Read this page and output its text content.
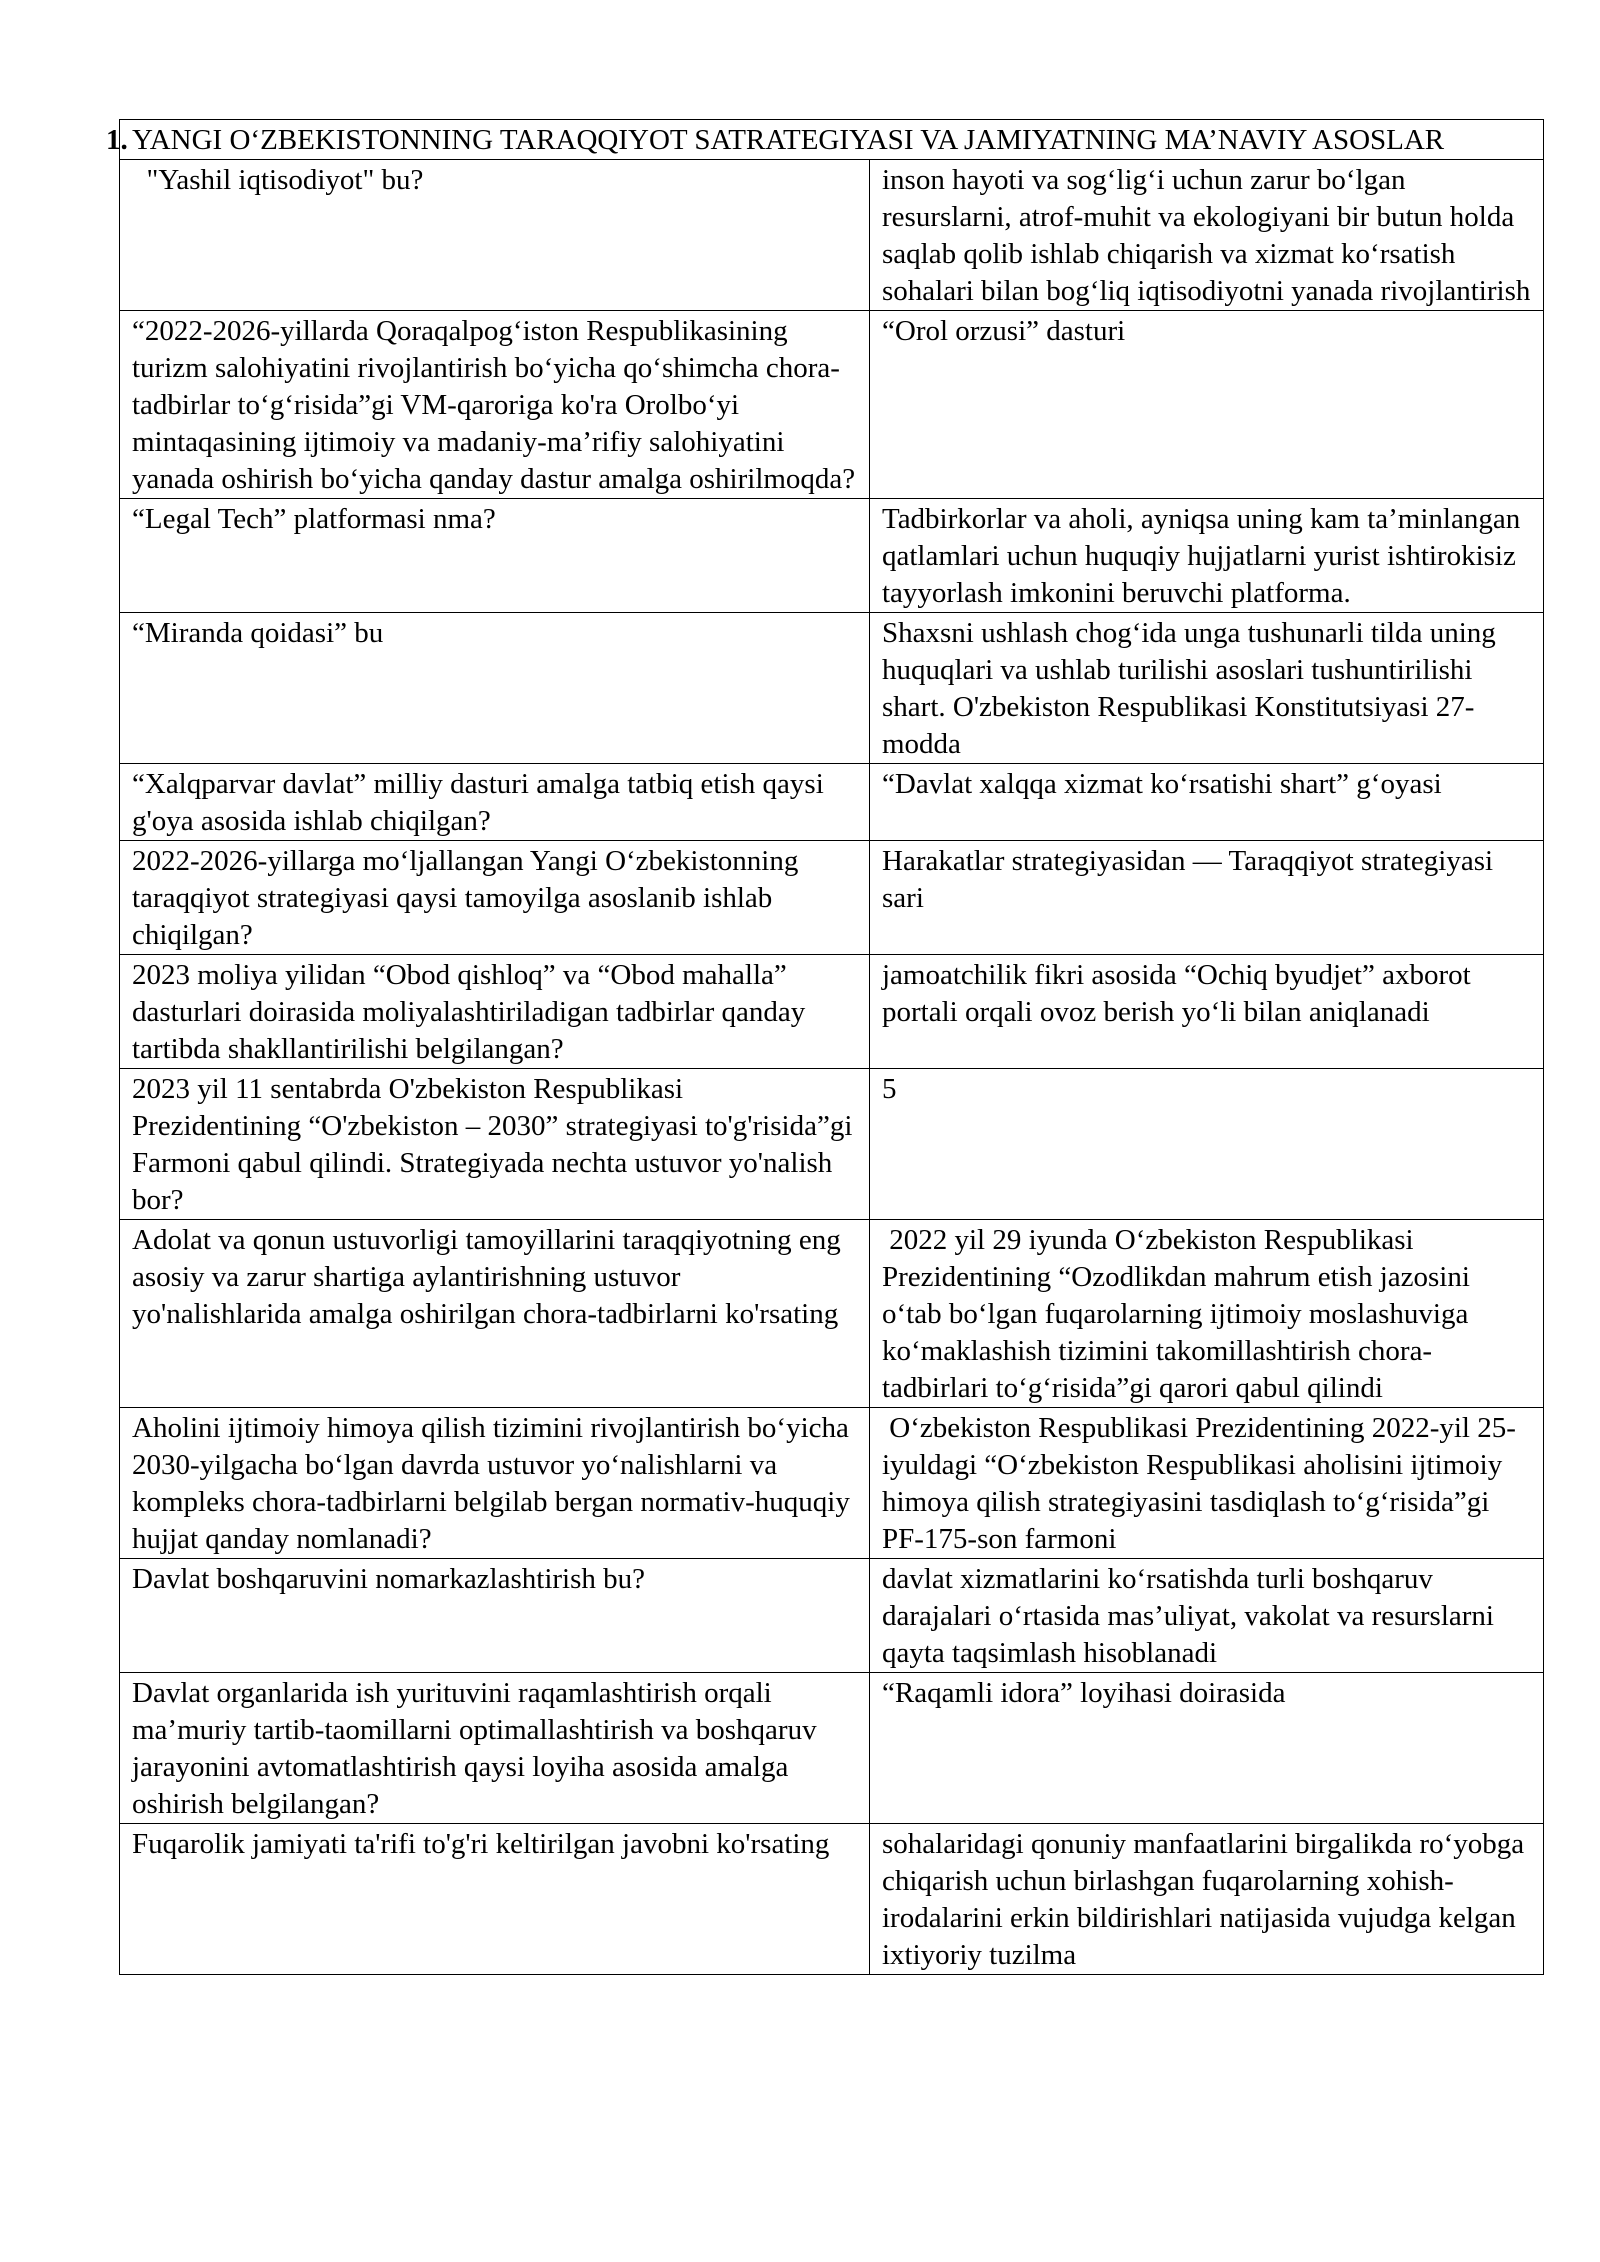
1. YANGI O‘ZBEKISTONNING TARAQQIYOT SATRATEGIYASI VA JAMIYATNING MA’NAVIY ASOSLAR	

"Yashil iqtisodiyot" bu?	inson hayoti va sog‘lig‘i uchun zarur bo‘lgan resurslarni, atrof-muhit va ekologiyani bir butun holda saqlab qolib ishlab chiqarish va xizmat ko‘rsatish sohalari bilan bog‘liq iqtisodiyotni yanada rivojlantirish

“2022-2026-yillarda Qoraqalpog‘iston Respublikasining turizm salohiyatini rivojlantirish bo‘yicha qo‘shimcha chora-tadbirlar to‘g‘risida”gi VM-qaroriga ko'ra Orolbo‘yi mintaqasining ijtimoiy va madaniy-ma’rifiy salohiyatini yanada oshirish bo‘yicha qanday dastur amalga oshirilmoqda?	“Orol orzusi” dasturi

“Legal Tech” platformasi nma?	Tadbirkorlar va aholi, ayniqsa uning kam ta’minlangan qatlamlari uchun huquqiy hujjatlarni yurist ishtirokisiz tayyorlash imkonini beruvchi platforma.

“Miranda qoidasi” bu	Shaxsni ushlash chog‘ida unga tushunarli tilda uning huquqlari va ushlab turilishi asoslari tushuntirilishi shart. O'zbekiston Respublikasi Konstitutsiyasi 27-modda

“Xalqparvar davlat” milliy dasturi amalga tatbiq etish qaysi g'oya asosida ishlab chiqilgan?	“Davlat xalqqa xizmat ko‘rsatishi shart” g‘oyasi

2022-2026-yillarga mo‘ljallangan Yangi O‘zbekistonning taraqqiyot strategiyasi qaysi tamoyilga asoslanib ishlab chiqilgan?	Harakatlar strategiyasidan — Taraqqiyot strategiyasi sari

2023 moliya yilidan “Obod qishloq” va “Obod mahalla” dasturlari doirasida moliyalashtiriladigan tadbirlar qanday tartibda shakllantirilishi belgilangan?	jamoatchilik fikri asosida “Ochiq byudjet” axborot portali orqali ovoz berish yo‘li bilan aniqlanadi

2023 yil 11 sentabrda O'zbekiston Respublikasi Prezidentining “O'zbekiston – 2030” strategiyasi to'g'risida”gi Farmoni qabul qilindi. Strategiyada nechta ustuvor yo'nalish bor?	5

Adolat va qonun ustuvorligi tamoyillarini taraqqiyotning eng asosiy va zarur shartiga aylantirishning ustuvor yo'nalishlarida amalga oshirilgan chora-tadbirlarni ko'rsating	2022 yil 29 iyunda O‘zbekiston Respublikasi Prezidentining “Ozodlikdan mahrum etish jazosini o‘tab bo‘lgan fuqarolarning ijtimoiy moslashuviga ko‘maklashish tizimini takomillashtirish chora-tadbirlari to‘g‘risida”gi qarori qabul qilindi

Aholini ijtimoiy himoya qilish tizimini rivojlantirish bo‘yicha 2030-yilgacha bo‘lgan davrda ustuvor yo‘nalishlarni va kompleks chora-tadbirlarni belgilab bergan normativ-huquqiy hujjat qanday nomlanadi?	O‘zbekiston Respublikasi Prezidentining 2022-yil 25-iyuldagi “O‘zbekiston Respublikasi aholisini ijtimoiy himoya qilish strategiyasini tasdiqlash to‘g‘risida”gi PF-175-son farmoni

Davlat boshqaruvini nomarkazlashtirish bu?	davlat xizmatlarini ko‘rsatishda turli boshqaruv darajalari o‘rtasida mas’uliyat, vakolat va resurslarni qayta taqsimlash hisoblanadi

Davlat organlarida ish yurituvini raqamlashtirish orqali ma’muriy tartib-taomillarni optimallashtirish va boshqaruv jarayonini avtomatlashtirish qaysi loyiha asosida amalga oshirish belgilangan?	“Raqamli idora” loyihasi doirasida

Fuqarolik jamiyati ta'rifi to'g'ri keltirilgan javobni ko'rsating	sohalaridagi qonuniy manfaatlarini birgalikda ro‘yobga chiqarish uchun birlashgan fuqarolarning xohish-irodalarini erkin bildirishlari natijasida vujudga kelgan ixtiyoriy tuzilma
